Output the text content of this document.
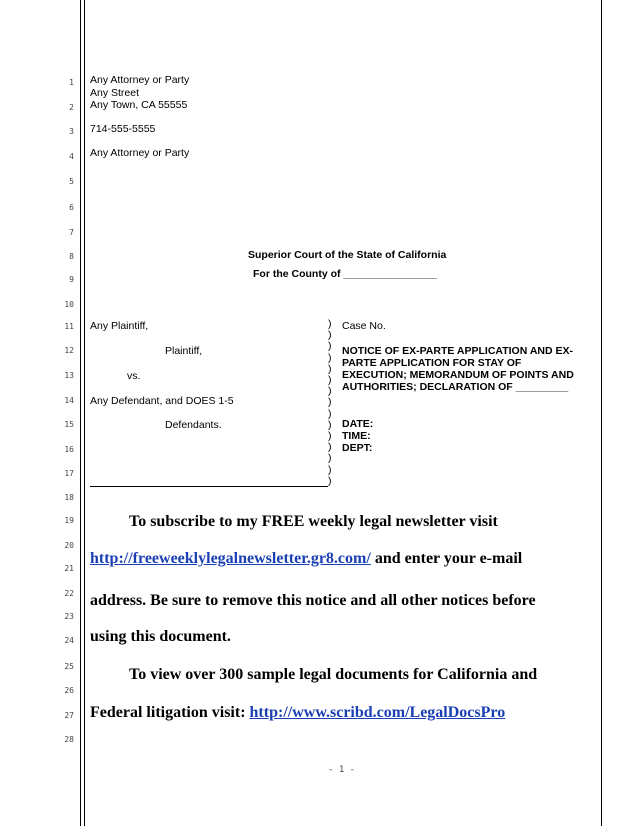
1
2
3
4
5
6
7
8
9
10
11
12
13
14
15
16
17
18
19
20
21
22
23
24
25
26
27
28
Any Attorney or Party
Any Street
Any Town, CA 55555
714-555-5555
Any Attorney or Party
Superior Court of the State of California
For the County of ________________
Any Plaintiff,
Plaintiff,
vs.
Any Defendant, and DOES 1-5
Defendants.
)
)
)
)
)
)
)
)
)
)
)
)
)
)
)
Case No.
NOTICE OF EX-PARTE APPLICATION AND EX-
PARTE APPLICATION FOR STAY OF
EXECUTION; MEMORANDUM OF POINTS AND
AUTHORITIES; DECLARATION OF _________
DATE:
TIME:
DEPT:
To subscribe to my FREE weekly legal newsletter visit
http://freeweeklylegalnewsletter.gr8.com/ and enter your e-mail
address. Be sure to remove this notice and all other notices before
using this document.
To view over 300 sample legal documents for California and
Federal litigation visit: http://www.scribd.com/LegalDocsPro
- 1 -
